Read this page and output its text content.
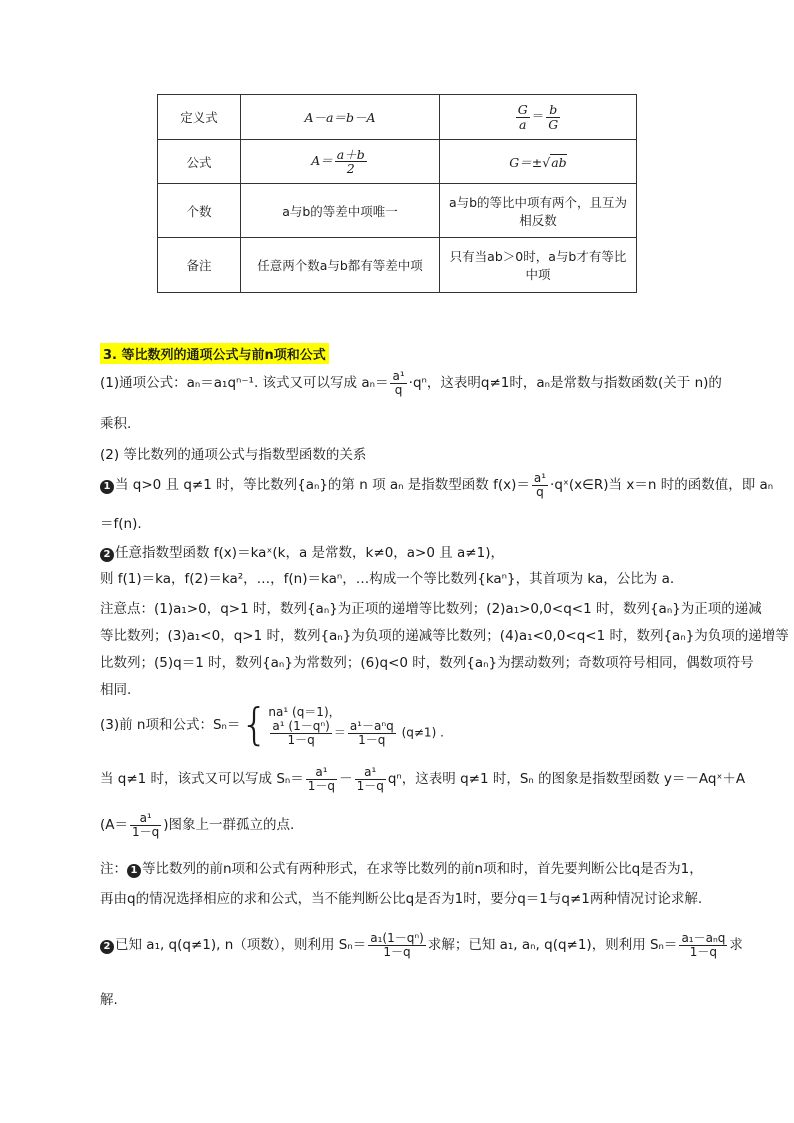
定义式	A－a＝b－A	$\frac{G}{a} = \frac{b}{G}$

公式	$A= \frac{a+b}{2}$	G＝±√ab
个数	a与b的等差中项唯一	a与b的等比中项有两个，且互为相反数
备注	任意两个数a与b都有等差中项	只有当ab＞0时，a与b才有等比中项
3. 等比数列的通项公式与前n项和公式
(1)通项公式：aₙ＝a₁qⁿ⁻¹. 该式又可以写成 $a_n= \frac{\text{a¹}}{q} \cdot q^n$，这表明q≠1时，aₙ是常数与指数函数(关于 n)的
乘积.
(2) 等比数列的通项公式与指数型函数的关系
1 当 q>0 且 q≠1 时，等比数列{aₙ}的第 n 项 aₙ 是指数型函数 $f(x)= \frac{\text{a¹}}{q}$ ·qˣ(x∈R)当 x＝n 时的函数值，即 aₙ
＝f(n).
2 任意指数型函数 f(x)＝kaˣ(k，a 是常数，k≠0，a>0 且 a≠1)，
则 f(1)＝ka，f(2)＝ka²，…，f(n)＝kaⁿ，…构成一个等比数列{kaⁿ}，其首项为 ka，公比为 a.
注意点：(1)a₁>0，q>1 时，数列{aₙ}为正项的递增等比数列；(2)a₁>0,0<q<1 时，数列{aₙ}为正项的递减
等比数列；(3)a₁<0，q>1 时，数列{aₙ}为负项的递减等比数列；(4)a₁<0,0<q<1 时，数列{aₙ}为负项的递增等
比数列；(5)q＝1 时，数列{aₙ}为常数列；(6)q<0 时，数列{aₙ}为摆动数列；奇数项符号相同，偶数项符号
相同.
(3)前 n项和公式：Sₙ＝{ na¹ (q＝1)，
$\frac{\text{a¹ (1－qⁿ)}}{1-q} = \frac{\text{a¹－aⁿq}}{1-q} (q\ne 1)$ .
当 q≠1 时，该式又可以写成 $S_n= \frac{\text{a¹}}{1-q} - \frac{\text{a¹}}{1-q}$ qⁿ，这表明 q≠1 时，Sₙ 的图象是指数型函数 y＝－Aqˣ＋A
($A= \frac{\text{a¹}}{1-q}$ )图象上一群孤立的点.
注： 1 等比数列的前n项和公式有两种形式，在求等比数列的前n项和时，首先要判断公比q是否为1，
再由q的情况选择相应的求和公式，当不能判断公比q是否为1时，要分q＝1与q≠1两种情况讨论求解.
2 已知 a₁, q(q≠1), n（项数），则利用 $S_n= \frac{\text{a₁(1－qⁿ)}}{1-q}$ 求解；已知 a₁, aₙ, q(q≠1)，则利用 $S_n= \frac{\text{a₁－aₙq}}{1-q}$ 求
解.
